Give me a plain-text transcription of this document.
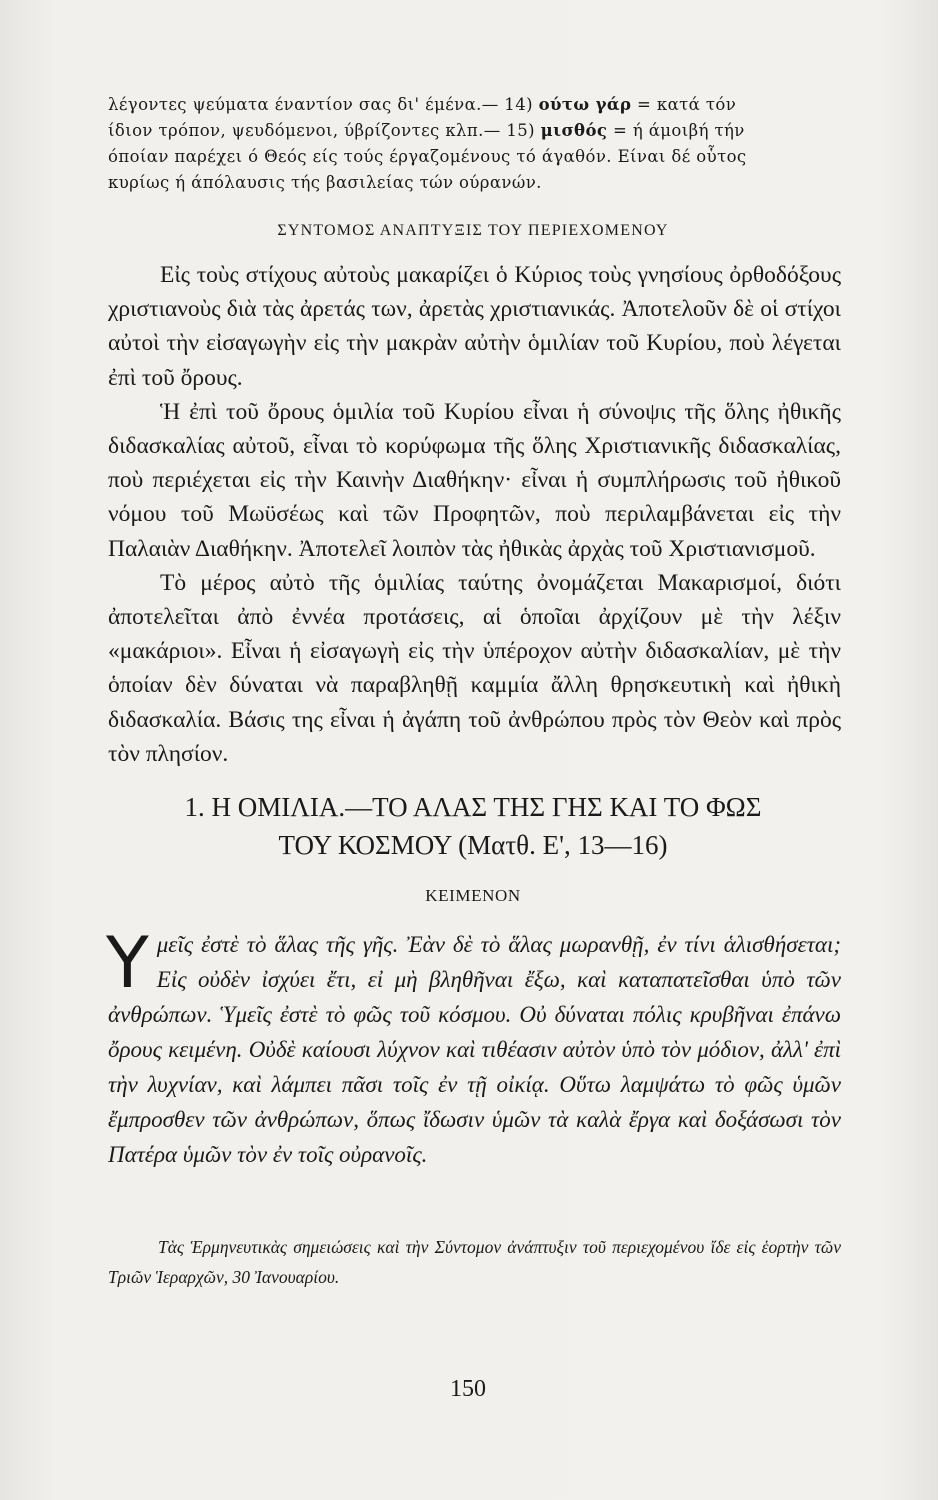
λέγοντες ψεύματα έναντίον σας δι' έμένα.— 14) ούτω γάρ = κατά τόν
ίδιον τρόπον, ψευδόμενοι, ύβρίζοντες κλπ.— 15) μισθός = ή άμοιβή τήν
όποίαν παρέχει ό Θεός είς τούς έργαζομένους τό άγαθόν. Είναι δέ οὗτος
κυρίως ή άπόλαυσις τής βασιλείας τών ούρανών.
ΣΥΝΤΟΜΟΣ ΑΝΑΠΤΥΞΙΣ ΤΟΥ ΠΕΡΙΕΧΟΜΕΝΟΥ

Εἰς τοὺς στίχους αὐτοὺς μακαρίζει ὁ Κύριος τοὺς γνησίους ὀρθοδόξους χριστιανοὺς διὰ τὰς ἀρετάς των, ἀρετὰς χριστιανικάς. Ἀποτελοῦν δὲ οἱ στίχοι αὐτοὶ τὴν εἰσαγωγὴν εἰς τὴν μακρὰν αὐτὴν ὁμιλίαν τοῦ Κυρίου, ποὺ λέγεται ἐπὶ τοῦ ὄρους.

Ἡ ἐπὶ τοῦ ὄρους ὁμιλία τοῦ Κυρίου εἶναι ἡ σύνοψις τῆς ὅλης ἠθικῆς διδασκαλίας αὐτοῦ, εἶναι τὸ κορύφωμα τῆς ὅλης Χριστιανικῆς διδασκαλίας, ποὺ περιέχεται εἰς τὴν Καινὴν Διαθήκην· εἶναι ἡ συμπλήρωσις τοῦ ἠθικοῦ νόμου τοῦ Μωϋσέως καὶ τῶν Προφητῶν, ποὺ περιλαμβάνεται εἰς τὴν Παλαιὰν Διαθήκην. Ἀποτελεῖ λοιπὸν τὰς ἠθικὰς ἀρχὰς τοῦ Χριστιανισμοῦ.

Τὸ μέρος αὐτὸ τῆς ὁμιλίας ταύτης ὀνομάζεται Μακαρισμοί, διότι ἀποτελεῖται ἀπὸ ἐννέα προτάσεις, αἱ ὁποῖαι ἀρχίζουν μὲ τὴν λέξιν «μακάριοι». Εἶναι ἡ εἰσαγωγὴ εἰς τὴν ὑπέροχον αὐτὴν διδασκαλίαν, μὲ τὴν ὁποίαν δὲν δύναται νὰ παραβληθῇ καμμία ἄλλη θρησκευτικὴ καὶ ἠθικὴ διδασκαλία. Βάσις της εἶναι ἡ ἀγάπη τοῦ ἀνθρώπου πρὸς τὸν Θεὸν καὶ πρὸς τὸν πλησίον.

1. Η ΟΜΙΛΙΑ.—ΤΟ ΑΛΑΣ ΤΗΣ ΓΗΣ ΚΑΙ ΤΟ ΦΩΣ
ΤΟΥ ΚΟΣΜΟΥ (Ματθ. Ε', 13—16)
ΚΕΙΜΕΝΟΝ
Υμεῖς ἐστὲ τὸ ἅλας τῆς γῆς. Ἐὰν δὲ τὸ ἅλας μωρανθῇ, ἐν τίνι ἁλισθήσεται; Εἰς οὐδὲν ἰσχύει ἔτι, εἰ μὴ βληθῆναι ἔξω, καὶ καταπατεῖσθαι ὑπὸ τῶν ἀνθρώπων. Ὑμεῖς ἐστὲ τὸ φῶς τοῦ κόσμου. Οὐ δύναται πόλις κρυβῆναι ἐπάνω ὄρους κειμένη. Οὐδὲ καίουσι λύχνον καὶ τιθέασιν αὐτὸν ὑπὸ τὸν μόδιον, ἀλλ' ἐπὶ τὴν λυχνίαν, καὶ λάμπει πᾶσι τοῖς ἐν τῇ οἰκίᾳ. Οὕτω λαμψάτω τὸ φῶς ὑμῶν ἔμπροσθεν τῶν ἀνθρώπων, ὅπως ἴδωσιν ὑμῶν τὰ καλὰ ἔργα καὶ δοξάσωσι τὸν Πατέρα ὑμῶν τὸν ἐν τοῖς οὐρανοῖς.
Τὰς Ἑρμηνευτικὰς σημειώσεις καὶ τὴν Σύντομον ἀνάπτυξιν τοῦ περιεχομένου ἴδε εἰς ἑορτὴν τῶν Τριῶν Ἱεραρχῶν, 30 Ἰανουαρίου.
150
